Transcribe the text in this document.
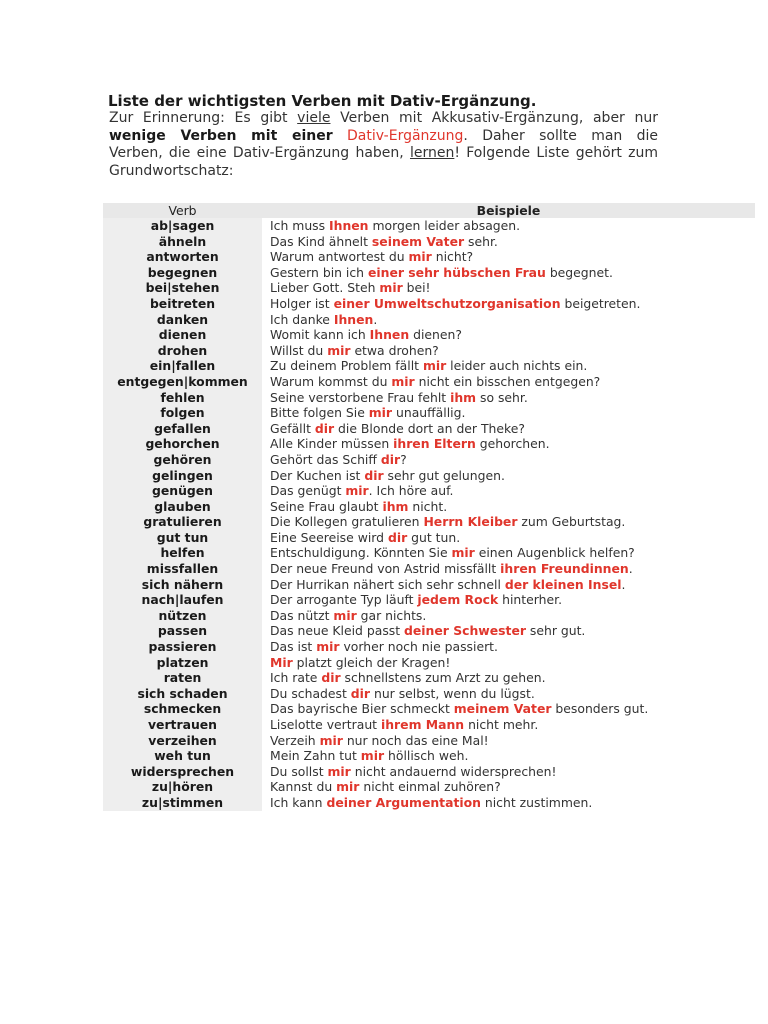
Liste der wichtigsten Verben mit Dativ-Ergänzung.
Zur Erinnerung: Es gibt viele Verben mit Akkusativ-Ergänzung, aber nur
wenige Verben mit einer Dativ-Ergänzung. Daher sollte man die
Verben, die eine Dativ-Ergänzung haben, lernen! Folgende Liste gehört zum
Grundwortschatz:
Verb	Beispiele	
ab|sagen		Ich muss Ihnen morgen leider absagen.
ähneln		Das Kind ähnelt seinem Vater sehr.
antworten		Warum antwortest du mir nicht?
begegnen		Gestern bin ich einer sehr hübschen Frau begegnet.
bei|stehen		Lieber Gott. Steh mir bei!
beitreten		Holger ist einer Umweltschutzorganisation beigetreten.
danken		Ich danke Ihnen.
dienen		Womit kann ich Ihnen dienen?
drohen		Willst du mir etwa drohen?
ein|fallen		Zu deinem Problem fällt mir leider auch nichts ein.
entgegen|kommen		Warum kommst du mir nicht ein bisschen entgegen?
fehlen		Seine verstorbene Frau fehlt ihm so sehr.
folgen		Bitte folgen Sie mir unauffällig.
gefallen		Gefällt dir die Blonde dort an der Theke?
gehorchen		Alle Kinder müssen ihren Eltern gehorchen.
gehören		Gehört das Schiff dir?
gelingen		Der Kuchen ist dir sehr gut gelungen.
genügen		Das genügt mir. Ich höre auf.
glauben		Seine Frau glaubt ihm nicht.
gratulieren		Die Kollegen gratulieren Herrn Kleiber zum Geburtstag.
gut tun		Eine Seereise wird dir gut tun.
helfen		Entschuldigung. Könnten Sie mir einen Augenblick helfen?
missfallen		Der neue Freund von Astrid missfällt ihren Freundinnen.
sich nähern		Der Hurrikan nähert sich sehr schnell der kleinen Insel.
nach|laufen		Der arrogante Typ läuft jedem Rock hinterher.
nützen		Das nützt mir gar nichts.
passen		Das neue Kleid passt deiner Schwester sehr gut.
passieren		Das ist mir vorher noch nie passiert.
platzen		Mir platzt gleich der Kragen!
raten		Ich rate dir schnellstens zum Arzt zu gehen.
sich schaden		Du schadest dir nur selbst, wenn du lügst.
schmecken		Das bayrische Bier schmeckt meinem Vater besonders gut.
vertrauen		Liselotte vertraut ihrem Mann nicht mehr.
verzeihen		Verzeih mir nur noch das eine Mal!
weh tun		Mein Zahn tut mir höllisch weh.
widersprechen		Du sollst mir nicht andauernd widersprechen!
zu|hören		Kannst du mir nicht einmal zuhören?
zu|stimmen		Ich kann deiner Argumentation nicht zustimmen.
